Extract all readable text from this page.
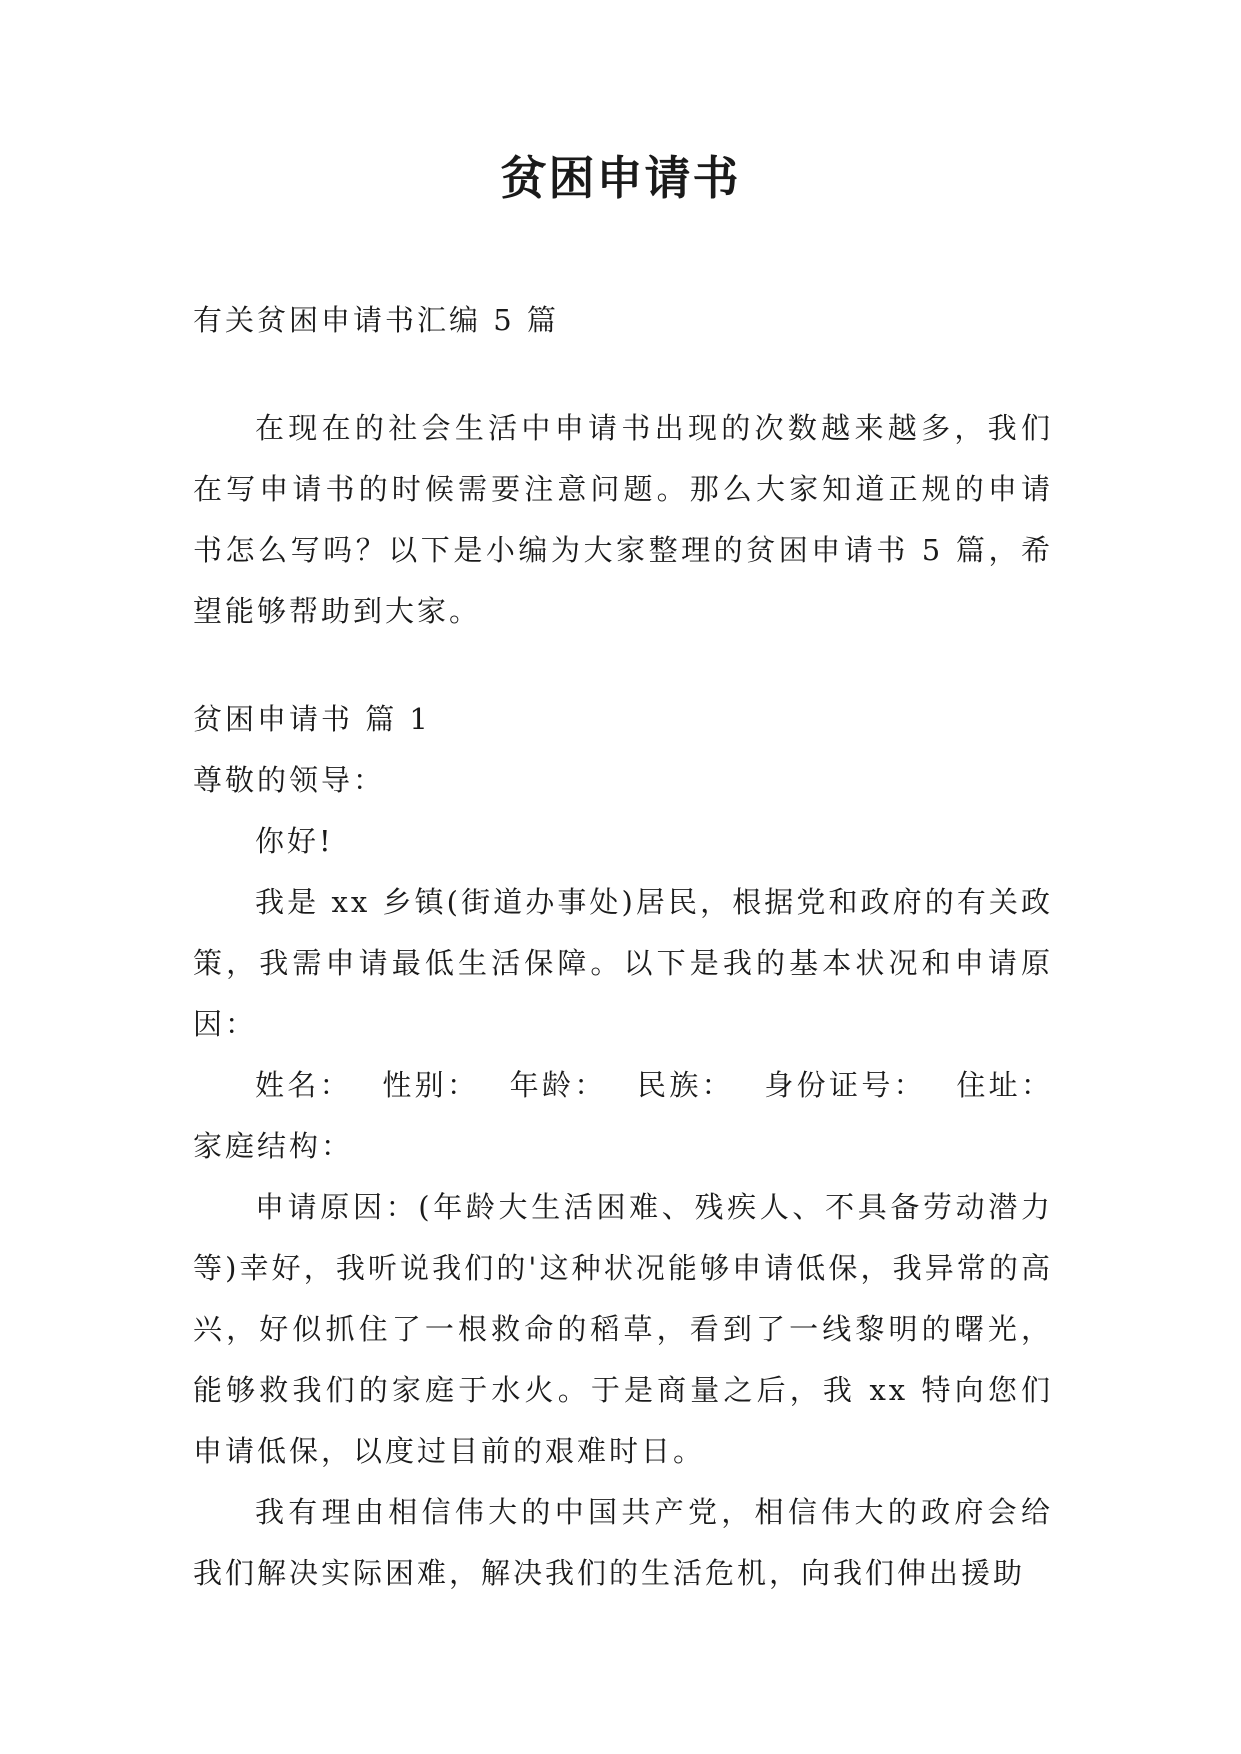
贫困申请书

有关贫困申请书汇编 5 篇

在现在的社会生活中申请书出现的次数越来越多，我们在写申请书的时候需要注意问题。那么大家知道正规的申请书怎么写吗？以下是小编为大家整理的贫困申请书 5 篇，希望能够帮助到大家。

贫困申请书 篇 1

尊敬的领导：

你好!

我是 xx 乡镇(街道办事处)居民，根据党和政府的有关政策，我需申请最低生活保障。以下是我的基本状况和申请原因：

姓名：　 性别：　 年龄：　 民族：　 身份证号：　 住址：家庭结构：

申请原因：(年龄大生活困难、残疾人、不具备劳动潜力等)幸好，我听说我们的'这种状况能够申请低保，我异常的高兴，好似抓住了一根救命的稻草，看到了一线黎明的曙光，能够救我们的家庭于水火。于是商量之后，我 xx 特向您们申请低保，以度过目前的艰难时日。

我有理由相信伟大的中国共产党，相信伟大的政府会给我们解决实际困难，解决我们的生活危机，向我们伸出援助
